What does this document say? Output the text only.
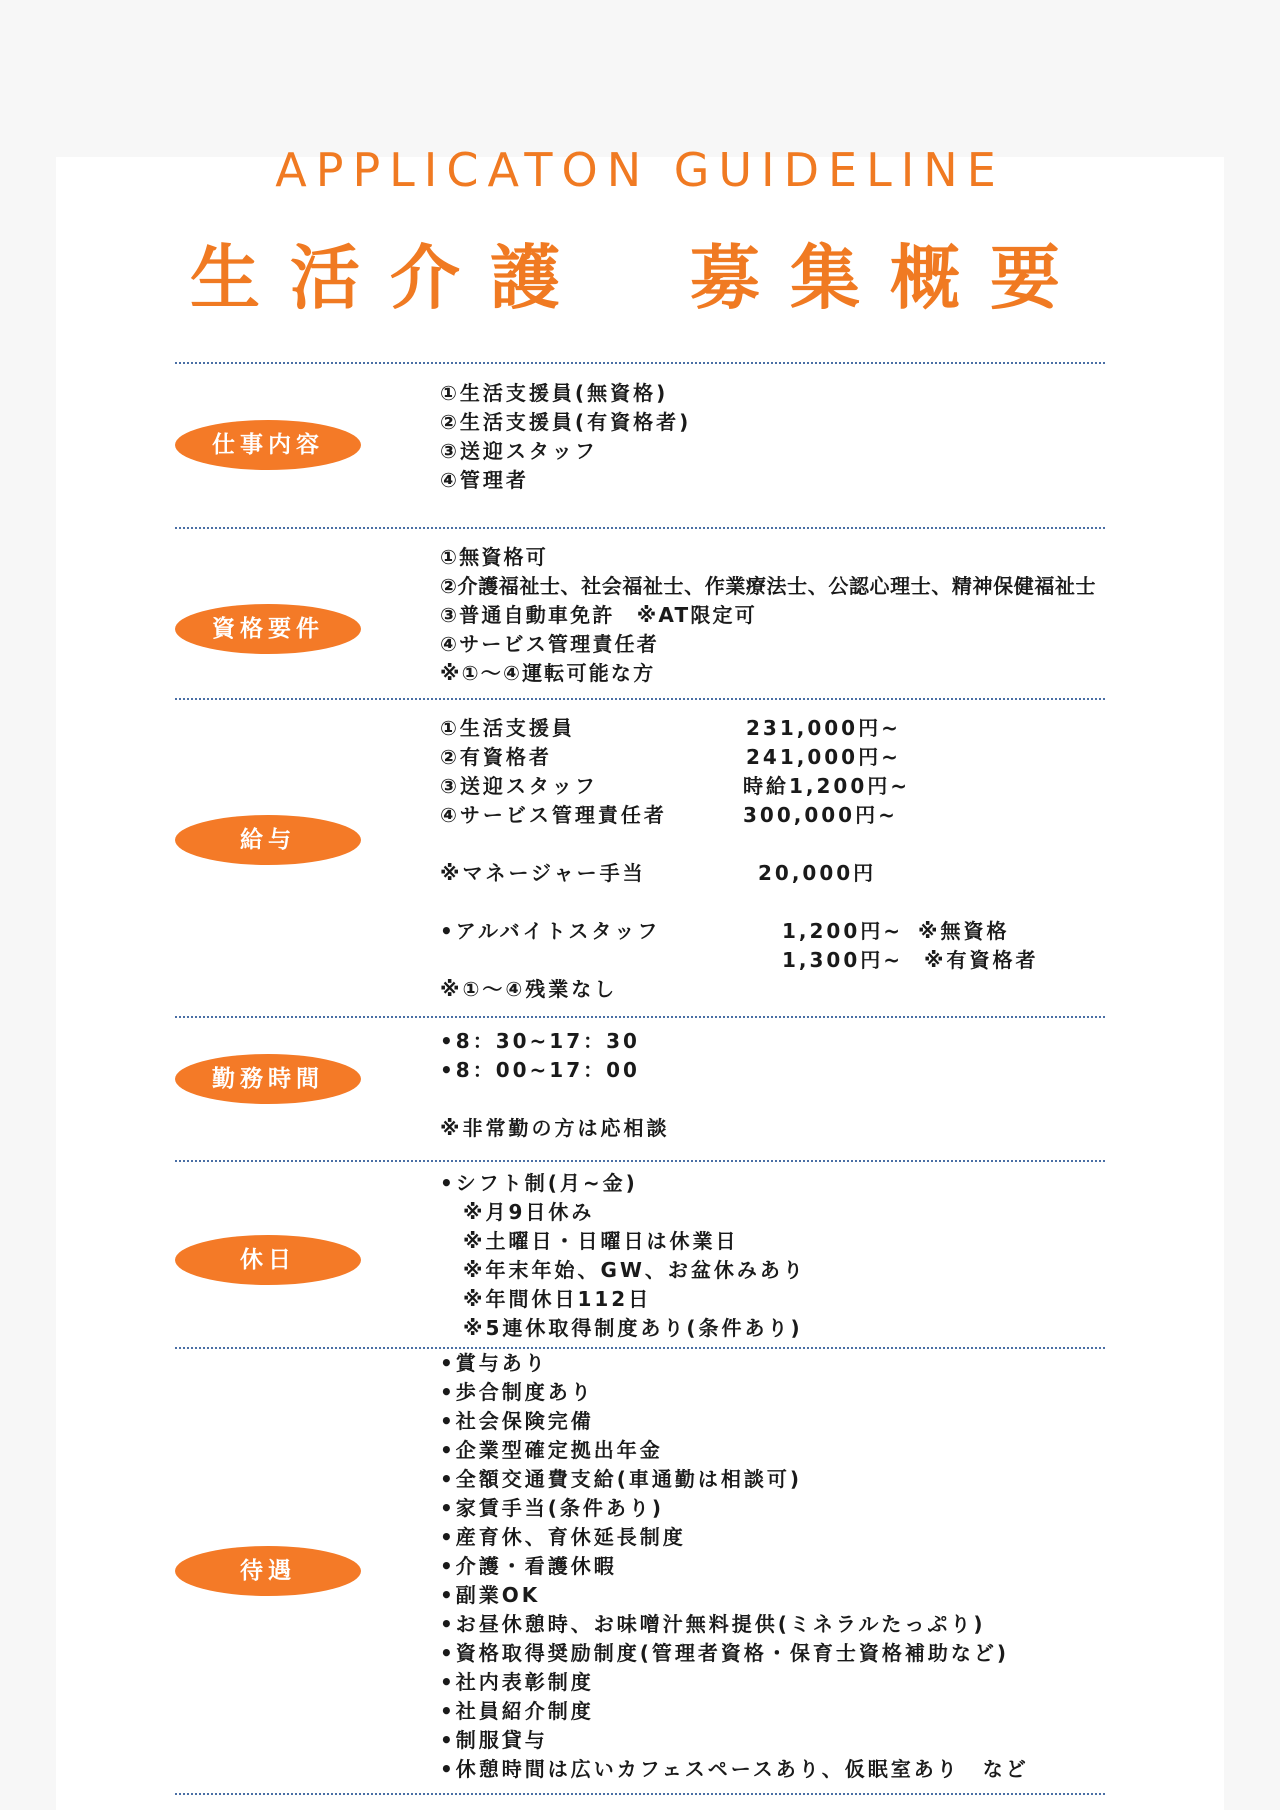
APPLICATON GUIDELINE
生活介護　募集概要
仕事内容
①生活支援員(無資格)
②生活支援員(有資格者)
③送迎スタッフ
④管理者
資格要件
①無資格可
②介護福祉士、社会福祉士、作業療法士、公認心理士、精神保健福祉士
③普通自動車免許　※AT限定可
④サービス管理責任者
※①～④運転可能な方
給与
①生活支援員
②有資格者
③送迎スタッフ
④サービス管理責任者
231,000円~
241,000円~
時給1,200円~
300,000円~
※マネージャー手当	20,000円
•アルバイトスタッフ	1,200円~ ※無資格
1,300円~ ※有資格者
※①～④残業なし
勤務時間
•8：30~17：30
•8：00~17：00
※非常勤の方は応相談
休日
•シフト制(月~金)
　※月9日休み
　※土曜日・日曜日は休業日
　※年末年始、GW、お盆休みあり
　※年間休日112日
　※5連休取得制度あり(条件あり)
待遇
•賞与あり
•歩合制度あり
•社会保険完備
•企業型確定拠出年金
•全額交通費支給(車通勤は相談可)
•家賃手当(条件あり)
•産育休、育休延長制度
•介護・看護休暇
•副業OK
•お昼休憩時、お味噌汁無料提供(ミネラルたっぷり)
•資格取得奨励制度(管理者資格・保育士資格補助など)
•社内表彰制度
•社員紹介制度
•制服貸与
•休憩時間は広いカフェスペースあり、仮眠室あり　など
